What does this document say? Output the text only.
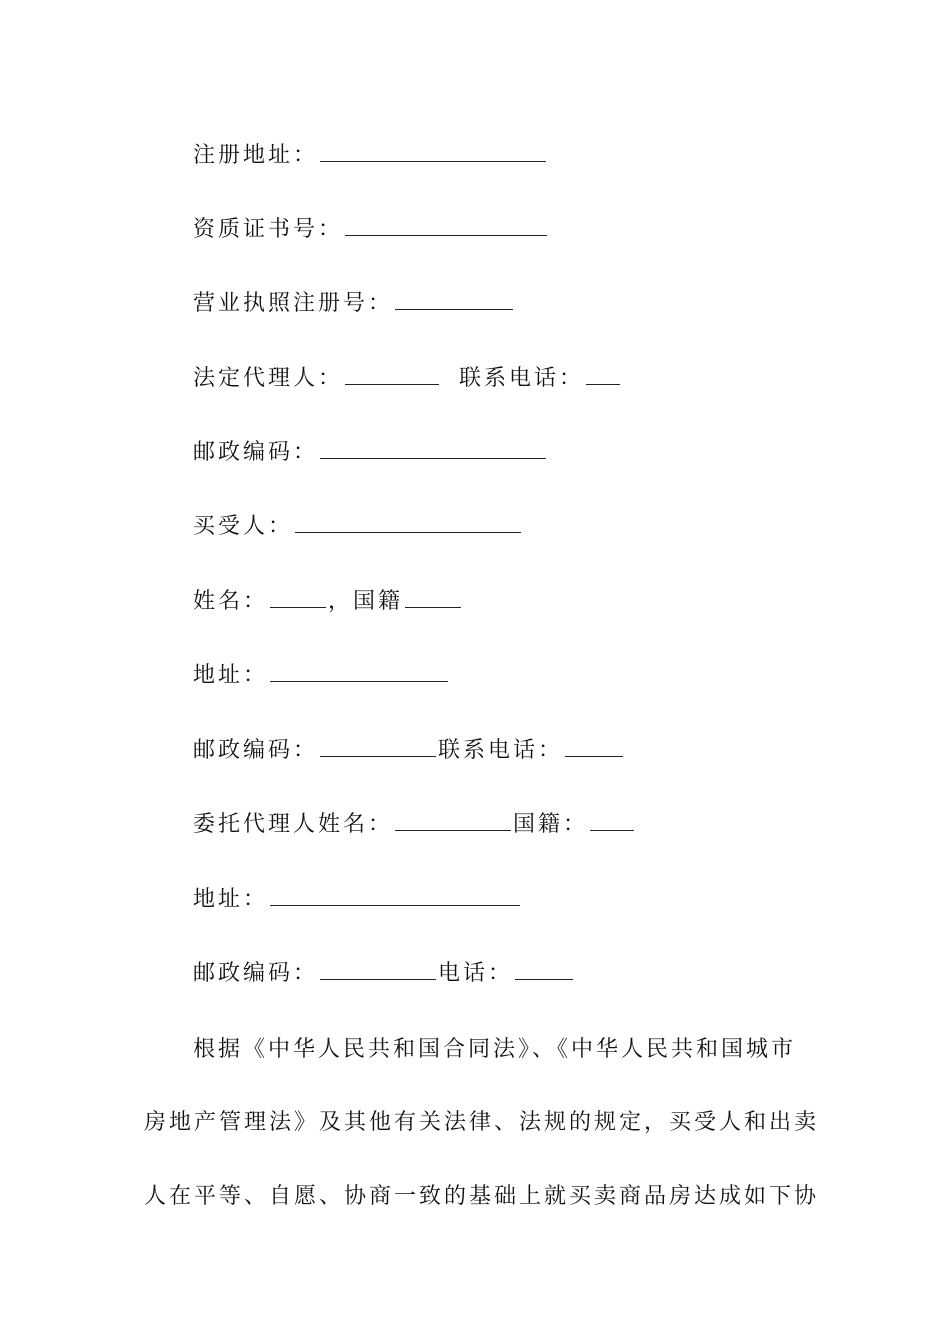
注册地址：
资质证书号：
营业执照注册号：
法定代理人：	联系电话：
邮政编码：
买受人：
姓名：	，国籍
地址：
邮政编码：	联系电话：
委托代理人姓名：	国籍：
地址：
邮政编码：	电话：
根据《中华人民共和国合同法》、《中华人民共和国城市
房地产管理法》及其他有关法律、法规的规定，买受人和出卖
人在平等、自愿、协商一致的基础上就买卖商品房达成如下协
